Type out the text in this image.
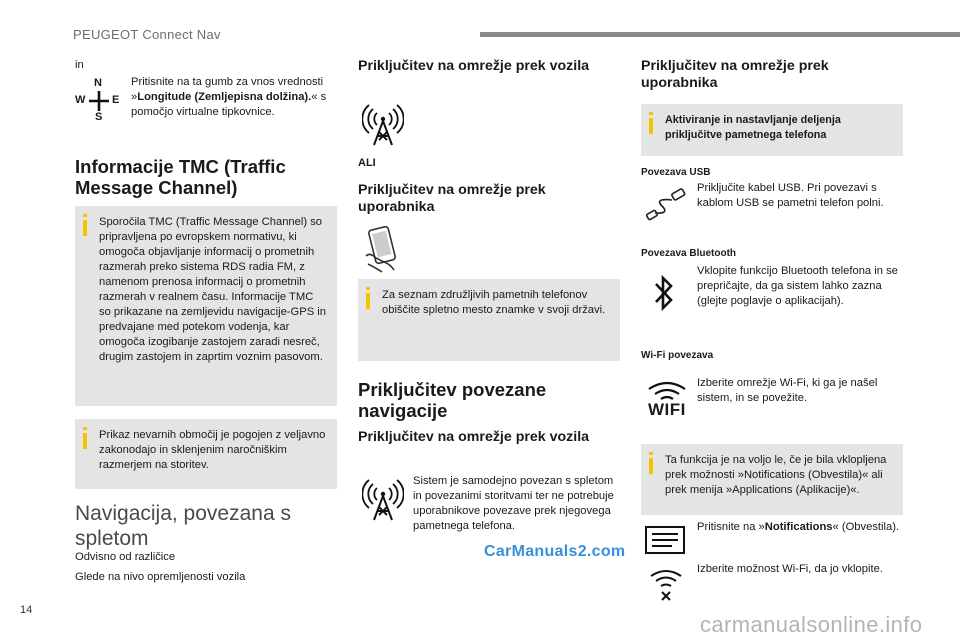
PEUGEOT Connect Nav
in
N
S
W E
Pritisnite na ta gumb za vnos vrednosti »Longitude (Zemljepisna dolžina).« s pomočjo virtualne tipkovnice.
Informacije TMC (Traffic Message Channel)
Sporočila TMC (Traffic Message Channel) so pripravljena po evropskem normativu, ki omogoča objavljanje informacij o prometnih razmerah preko sistema RDS radia FM, z namenom prenosa informacij o prometnih razmerah v realnem času. Informacije TMC so prikazane na zemljevidu navigacije-GPS in predvajane med potekom vodenja, kar omogoča izogibanje zastojem zaradi nesreč, drugim zastojem in zaprtim voznim pasovom.
Prikaz nevarnih območij je pogojen z veljavno zakonodajo in sklenjenim naročniškim razmerjem na storitev.
Navigacija, povezana s spletom
Odvisno od različice
Glede na nivo opremljenosti vozila
Priključitev na omrežje prek vozila
ALI
Priključitev na omrežje prek uporabnika
Za seznam združljivih pametnih telefonov obiščite spletno mesto znamke v svoji državi.
Priključitev povezane navigacije
Priključitev na omrežje prek vozila
Sistem je samodejno povezan s spletom in povezanimi storitvami ter ne potrebuje uporabnikove povezave prek njegovega pametnega telefona.
Priključitev na omrežje prek uporabnika
Aktiviranje in nastavljanje deljenja priključitve pametnega telefona
Povezava USB
Priključite kabel USB. Pri povezavi s kablom USB se pametni telefon polni.
Povezava Bluetooth
Vklopite funkcijo Bluetooth telefona in se prepričajte, da ga sistem lahko zazna (glejte poglavje o aplikacijah).
Wi-Fi povezava
WIFI
Izberite omrežje Wi-Fi, ki ga je našel sistem, in se povežite.
Ta funkcija je na voljo le, če je bila vklopljena prek možnosti »Notifications (Obvestila)« ali prek menija »Applications (Aplikacije)«.
Pritisnite na »Notifications« (Obvestila).
Izberite možnost Wi-Fi, da jo vklopite.
14
CarManuals2.com
carmanualsonline.info
